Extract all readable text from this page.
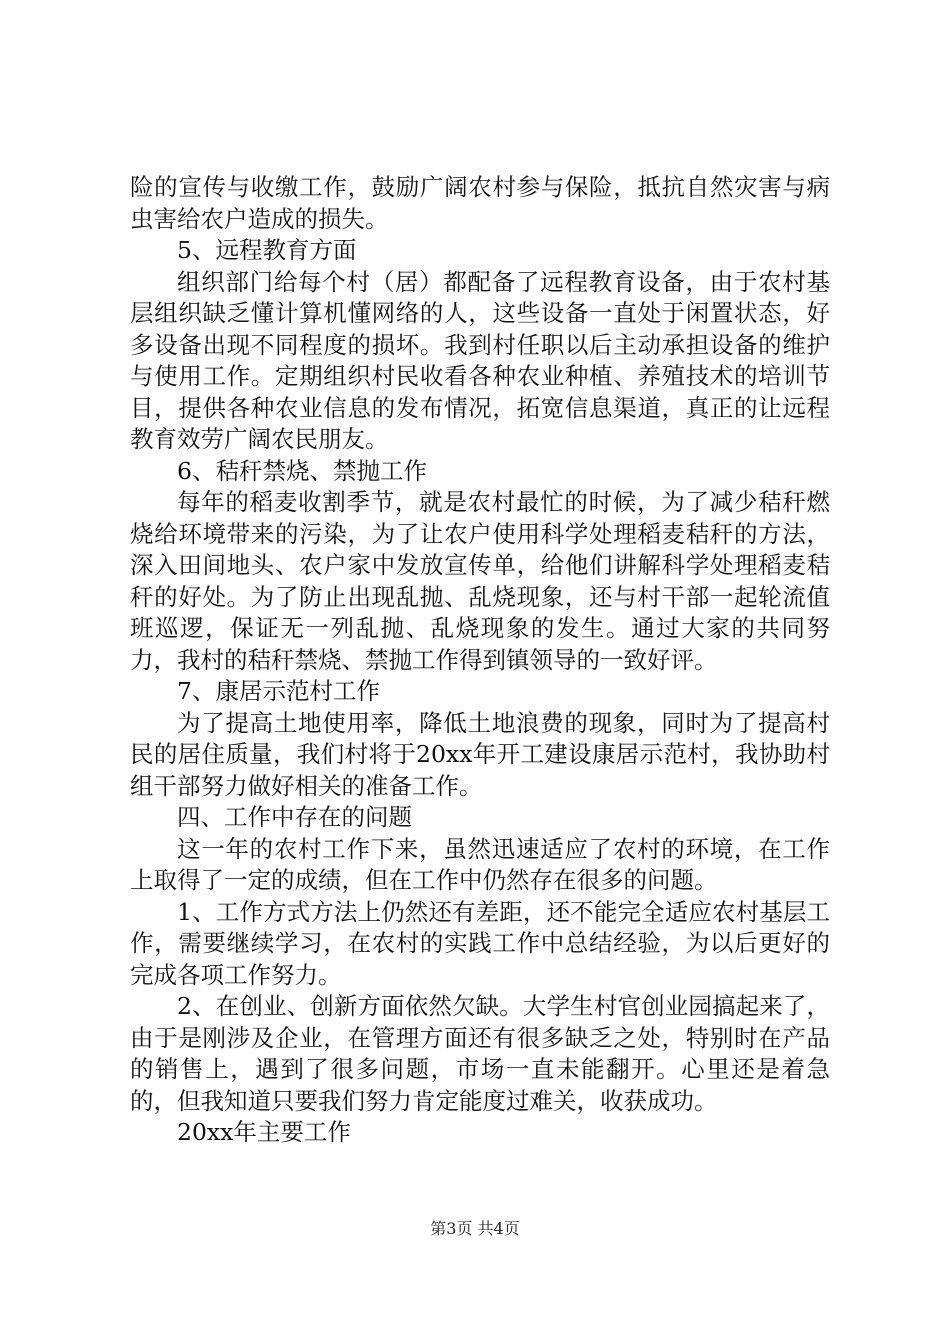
险的宣传与收缴工作，鼓励广阔农村参与保险，抵抗自然灾害与病虫害给农户造成的损失。

5、远程教育方面

组织部门给每个村（居）都配备了远程教育设备，由于农村基层组织缺乏懂计算机懂网络的人，这些设备一直处于闲置状态，好多设备出现不同程度的损坏。我到村任职以后主动承担设备的维护与使用工作。定期组织村民收看各种农业种植、养殖技术的培训节目，提供各种农业信息的发布情况，拓宽信息渠道，真正的让远程教育效劳广阔农民朋友。

6、秸秆禁烧、禁抛工作

每年的稻麦收割季节，就是农村最忙的时候，为了减少秸秆燃烧给环境带来的污染，为了让农户使用科学处理稻麦秸秆的方法，深入田间地头、农户家中发放宣传单，给他们讲解科学处理稻麦秸秆的好处。为了防止出现乱抛、乱烧现象，还与村干部一起轮流值班巡逻，保证无一列乱抛、乱烧现象的发生。通过大家的共同努力，我村的秸秆禁烧、禁抛工作得到镇领导的一致好评。

7、康居示范村工作

为了提高土地使用率，降低土地浪费的现象，同时为了提高村民的居住质量，我们村将于20xx年开工建设康居示范村，我协助村组干部努力做好相关的准备工作。

四、工作中存在的问题

这一年的农村工作下来，虽然迅速适应了农村的环境，在工作上取得了一定的成绩，但在工作中仍然存在很多的问题。

1、工作方式方法上仍然还有差距，还不能完全适应农村基层工作，需要继续学习，在农村的实践工作中总结经验，为以后更好的完成各项工作努力。

2、在创业、创新方面依然欠缺。大学生村官创业园搞起来了，由于是刚涉及企业，在管理方面还有很多缺乏之处，特别时在产品的销售上，遇到了很多问题，市场一直未能翻开。心里还是着急的，但我知道只要我们努力肯定能度过难关，收获成功。

20xx年主要工作

第3页 共4页
